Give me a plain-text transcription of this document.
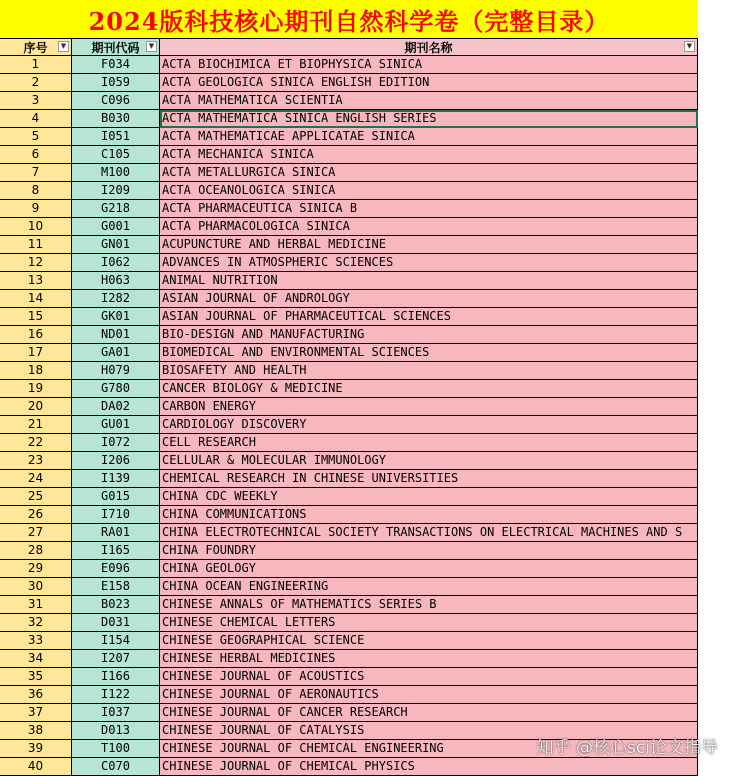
2024版科技核心期刊自然科学卷（完整目录）
序号	▼ 期刊代码	▼	期刊名称	▼
1	F034	ACTA BIOCHIMICA ET BIOPHYSICA SINICA
2	I059	ACTA GEOLOGICA SINICA ENGLISH EDITION
3	C096	ACTA MATHEMATICA SCIENTIA
4	B030	ACTA MATHEMATICA SINICA ENGLISH SERIES
5	I051	ACTA MATHEMATICAE APPLICATAE SINICA
6	C105	ACTA MECHANICA SINICA
7	M100	ACTA METALLURGICA SINICA
8	I209	ACTA OCEANOLOGICA SINICA
9	G218	ACTA PHARMACEUTICA SINICA B
10	G001	ACTA PHARMACOLOGICA SINICA
11	GN01	ACUPUNCTURE AND HERBAL MEDICINE
12	I062	ADVANCES IN ATMOSPHERIC SCIENCES
13	H063	ANIMAL NUTRITION
14	I282	ASIAN JOURNAL OF ANDROLOGY
15	GK01	ASIAN JOURNAL OF PHARMACEUTICAL SCIENCES
16	ND01	BIO-DESIGN AND MANUFACTURING
17	GA01	BIOMEDICAL AND ENVIRONMENTAL SCIENCES
18	H079	BIOSAFETY AND HEALTH
19	G780	CANCER BIOLOGY & MEDICINE
20	DA02	CARBON ENERGY
21	GU01	CARDIOLOGY DISCOVERY
22	I072	CELL RESEARCH
23	I206	CELLULAR & MOLECULAR IMMUNOLOGY
24	I139	CHEMICAL RESEARCH IN CHINESE UNIVERSITIES
25	G015	CHINA CDC WEEKLY
26	I710	CHINA COMMUNICATIONS
27	RA01	CHINA ELECTROTECHNICAL SOCIETY TRANSACTIONS ON ELECTRICAL MACHINES AND S
28	I165	CHINA FOUNDRY
29	E096	CHINA GEOLOGY
30	E158	CHINA OCEAN ENGINEERING
31	B023	CHINESE ANNALS OF MATHEMATICS SERIES B
32	D031	CHINESE CHEMICAL LETTERS
33	I154	CHINESE GEOGRAPHICAL SCIENCE
34	I207	CHINESE HERBAL MEDICINES
35	I166	CHINESE JOURNAL OF ACOUSTICS
36	I122	CHINESE JOURNAL OF AERONAUTICS
37	I037	CHINESE JOURNAL OF CANCER RESEARCH
38	D013	CHINESE JOURNAL OF CATALYSIS
39	T100	CHINESE JOURNAL OF CHEMICAL ENGINEERING
40	C070	CHINESE JOURNAL OF CHEMICAL PHYSICS
知乎 @核心sci论文指导
